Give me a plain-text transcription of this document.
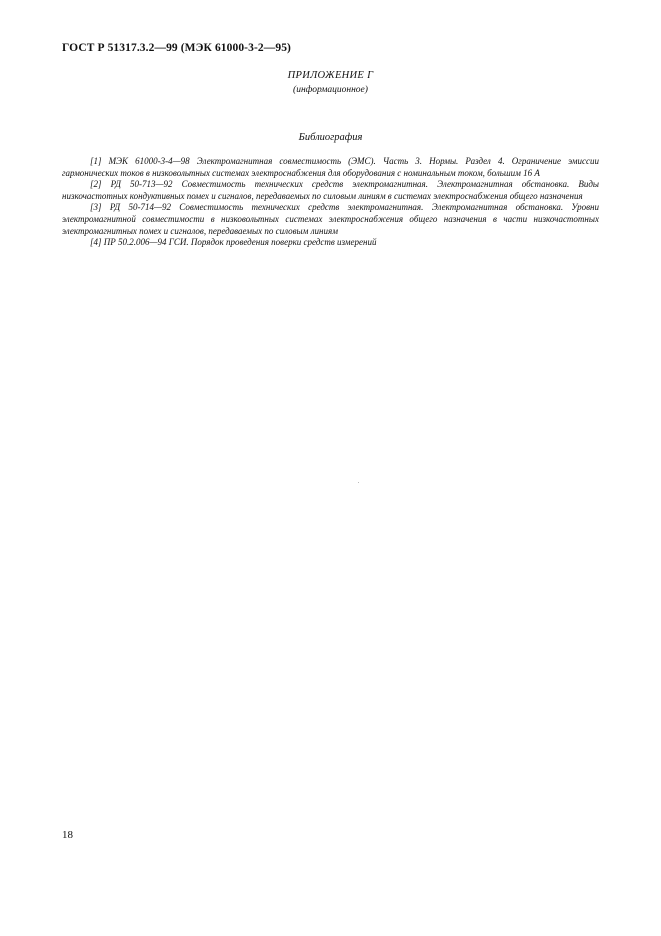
ГОСТ Р 51317.3.2—99 (МЭК 61000-3-2—95)
ПРИЛОЖЕНИЕ Г
(информационное)
Библиография

[1] МЭК 61000-3-4—98 Электромагнитная совместимость (ЭМС). Часть 3. Нормы. Раздел 4. Ограничение эмиссии гармонических токов в низковольтных системах электроснабжения для оборудования с номинальным током, большим 16 А

[2] РД 50-713—92 Совместимость технических средств электромагнитная. Электромагнитная обстановка. Виды низкочастотных кондуктивных помех и сигналов, передаваемых по силовым линиям в системах электроснабжения общего назначения

[3] РД 50-714—92 Совместимость технических средств электромагнитная. Электромагнитная обстановка. Уровни электромагнитной совместимости в низковольтных системах электроснабжения общего назначения в части низкочастотных электромагнитных помех и сигналов, передаваемых по силовым линиям

[4] ПР 50.2.006—94 ГСИ. Порядок проведения поверки средств измерений

18
